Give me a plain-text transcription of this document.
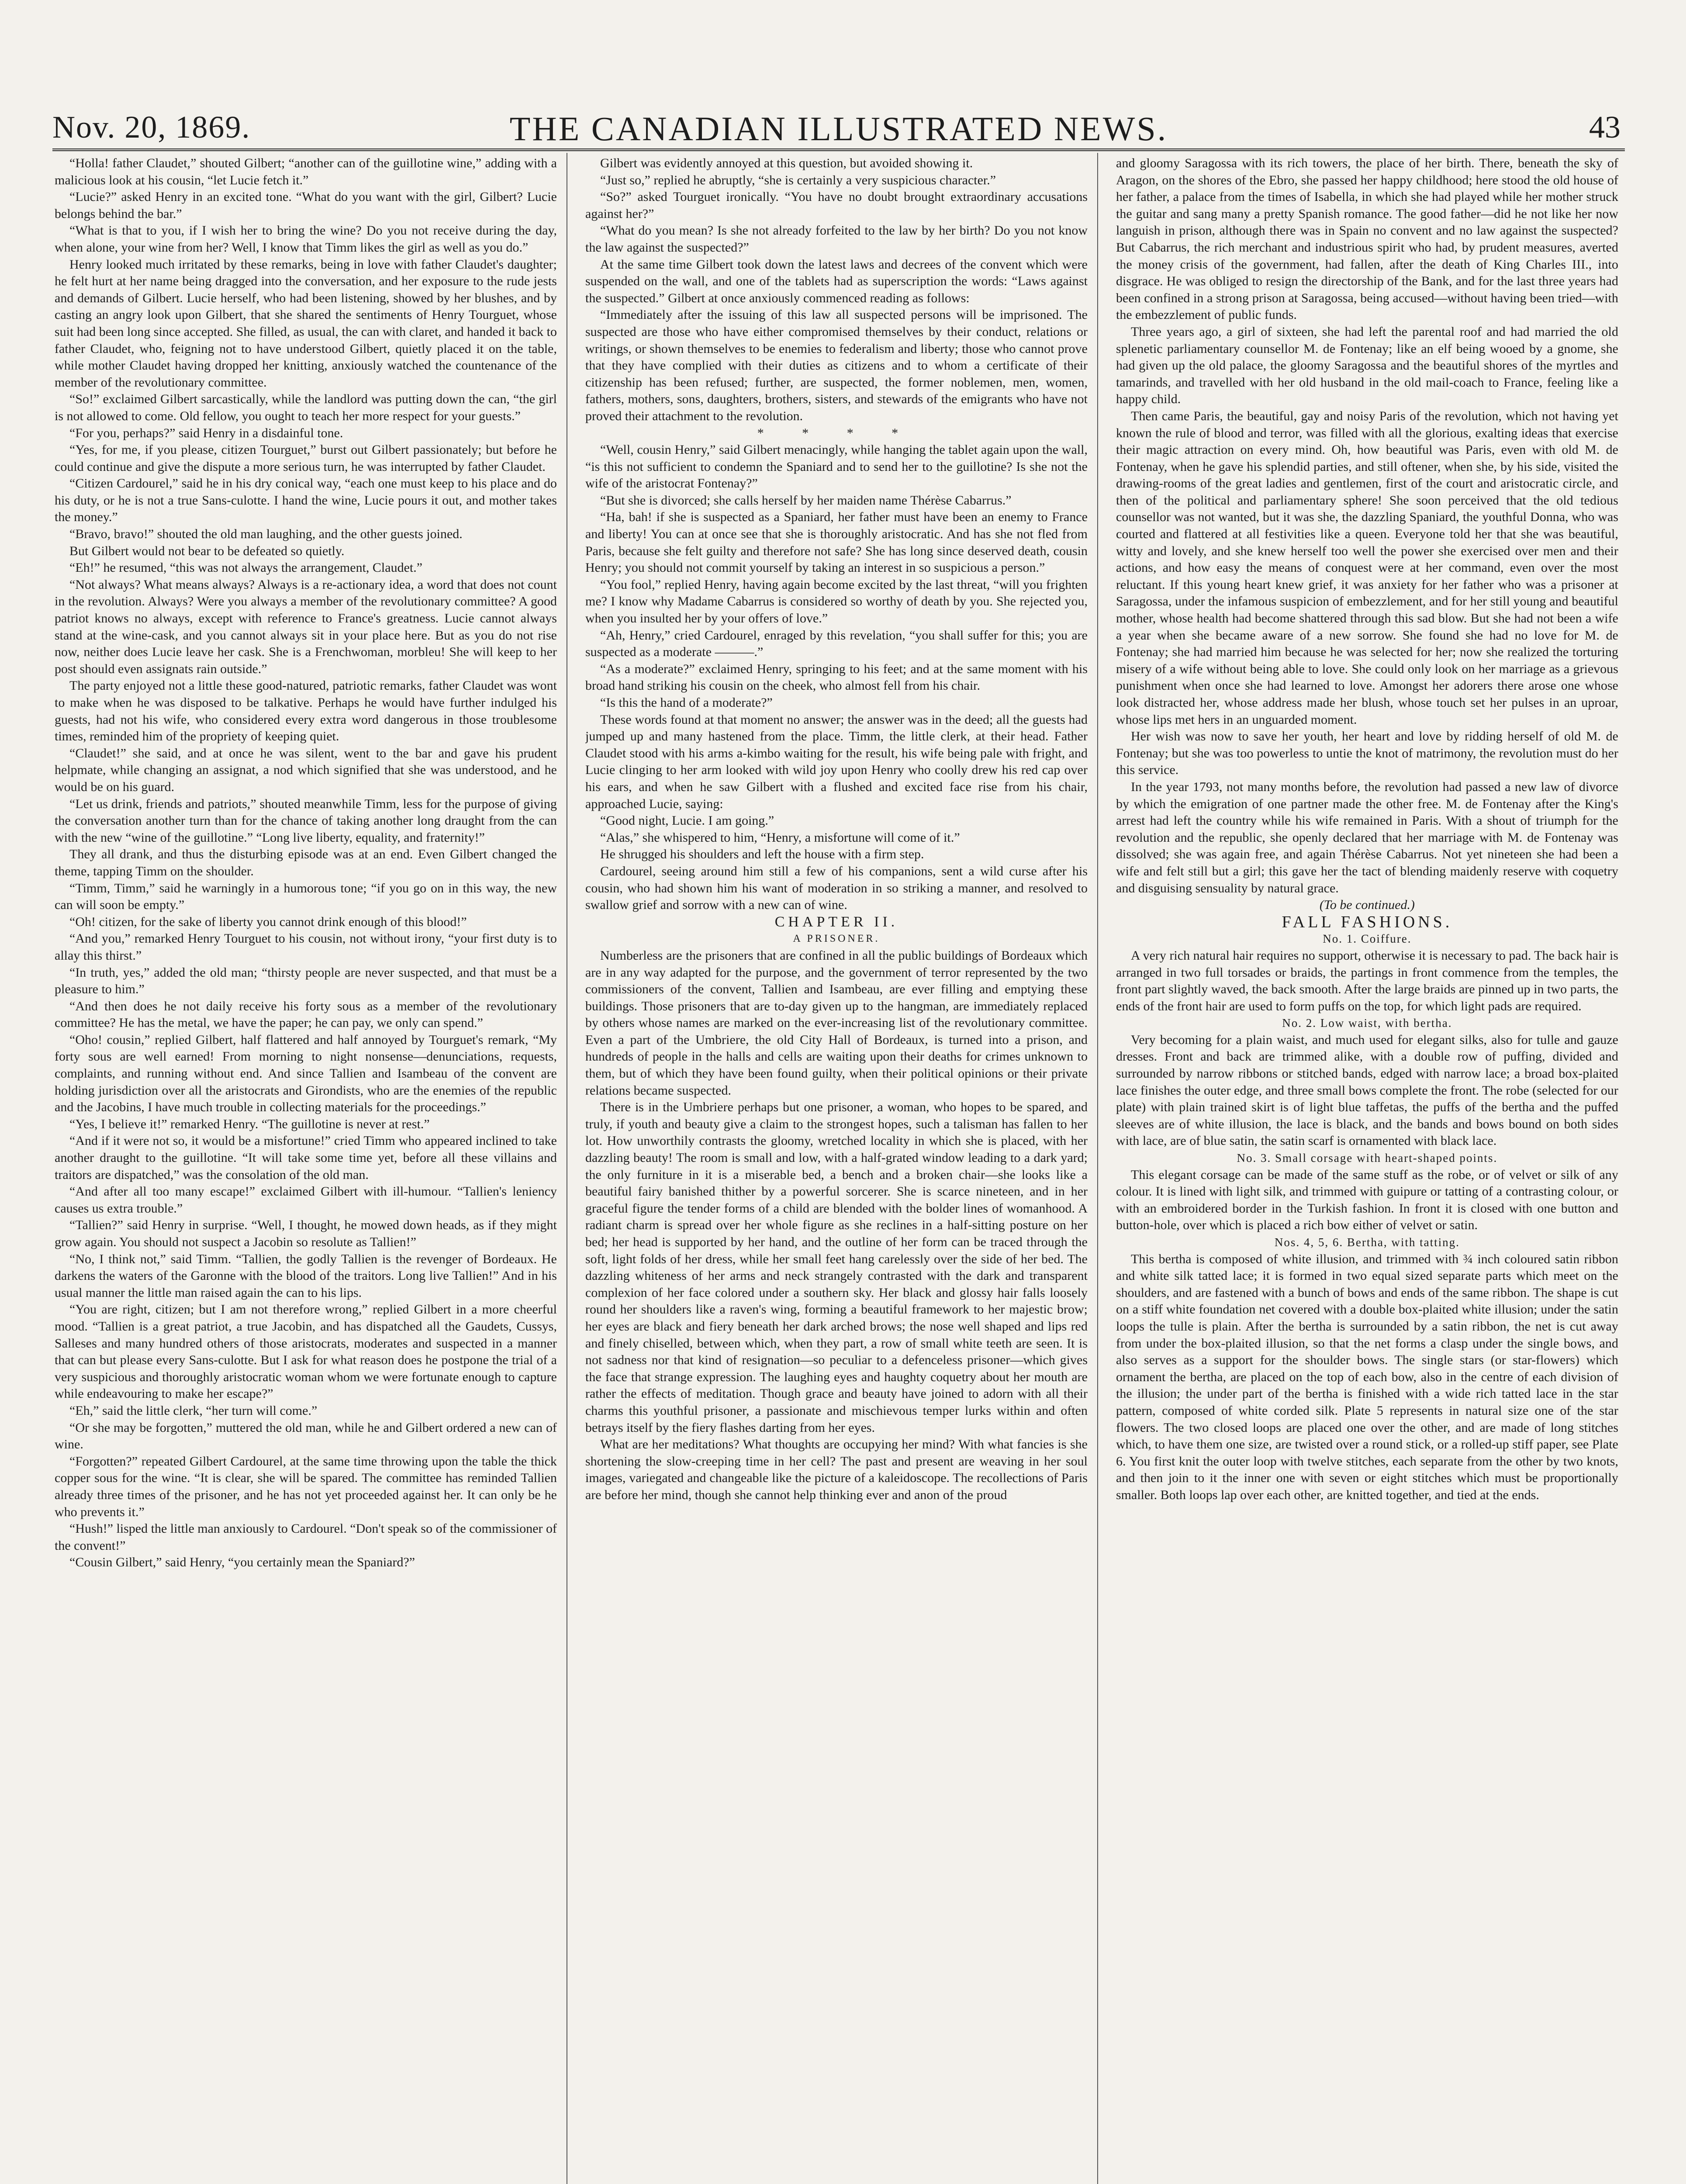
Nov. 20, 1869.	THE CANADIAN ILLUSTRATED NEWS.	43

“Holla! father Claudet,” shouted Gilbert; “another can of the guillotine wine,” adding with a malicious look at his cousin, “let Lucie fetch it.”

“Lucie?” asked Henry in an excited tone. “What do you want with the girl, Gilbert? Lucie belongs behind the bar.”

“What is that to you, if I wish her to bring the wine? Do you not receive during the day, when alone, your wine from her? Well, I know that Timm likes the girl as well as you do.”

Henry looked much irritated by these remarks, being in love with father Claudet's daughter; he felt hurt at her name being dragged into the conversation, and her exposure to the rude jests and demands of Gilbert. Lucie herself, who had been listening, showed by her blushes, and by casting an angry look upon Gilbert, that she shared the sentiments of Henry Tourguet, whose suit had been long since accepted. She filled, as usual, the can with claret, and handed it back to father Claudet, who, feigning not to have understood Gilbert, quietly placed it on the table, while mother Claudet having dropped her knitting, anxiously watched the countenance of the member of the revolutionary committee.

“So!” exclaimed Gilbert sarcastically, while the landlord was putting down the can, “the girl is not allowed to come. Old fellow, you ought to teach her more respect for your guests.”

“For you, perhaps?” said Henry in a disdainful tone.

“Yes, for me, if you please, citizen Tourguet,” burst out Gilbert passionately; but before he could continue and give the dispute a more serious turn, he was interrupted by father Claudet.

“Citizen Cardourel,” said he in his dry conical way, “each one must keep to his place and do his duty, or he is not a true Sans-culotte. I hand the wine, Lucie pours it out, and mother takes the money.”

“Bravo, bravo!” shouted the old man laughing, and the other guests joined.

But Gilbert would not bear to be defeated so quietly.

“Eh!” he resumed, “this was not always the arrangement, Claudet.”

“Not always? What means always? Always is a re-actionary idea, a word that does not count in the revolution. Always? Were you always a member of the revolutionary committee? A good patriot knows no always, except with reference to France's greatness. Lucie cannot always stand at the wine-cask, and you cannot always sit in your place here. But as you do not rise now, neither does Lucie leave her cask. She is a Frenchwoman, morbleu! She will keep to her post should even assignats rain outside.”

The party enjoyed not a little these good-natured, patriotic remarks, father Claudet was wont to make when he was disposed to be talkative. Perhaps he would have further indulged his guests, had not his wife, who considered every extra word dangerous in those troublesome times, reminded him of the propriety of keeping quiet.

“Claudet!” she said, and at once he was silent, went to the bar and gave his prudent helpmate, while changing an assignat, a nod which signified that she was understood, and he would be on his guard.

“Let us drink, friends and patriots,” shouted meanwhile Timm, less for the purpose of giving the conversation another turn than for the chance of taking another long draught from the can with the new “wine of the guillotine.” “Long live liberty, equality, and fraternity!”

They all drank, and thus the disturbing episode was at an end. Even Gilbert changed the theme, tapping Timm on the shoulder.

“Timm, Timm,” said he warningly in a humorous tone; “if you go on in this way, the new can will soon be empty.”

“Oh! citizen, for the sake of liberty you cannot drink enough of this blood!”

“And you,” remarked Henry Tourguet to his cousin, not without irony, “your first duty is to allay this thirst.”

“In truth, yes,” added the old man; “thirsty people are never suspected, and that must be a pleasure to him.”

“And then does he not daily receive his forty sous as a member of the revolutionary committee? He has the metal, we have the paper; he can pay, we only can spend.”

“Oho! cousin,” replied Gilbert, half flattered and half annoyed by Tourguet's remark, “My forty sous are well earned! From morning to night nonsense—denunciations, requests, complaints, and running without end. And since Tallien and Isambeau of the convent are holding jurisdiction over all the aristocrats and Girondists, who are the enemies of the republic and the Jacobins, I have much trouble in collecting materials for the proceedings.”

“Yes, I believe it!” remarked Henry. “The guillotine is never at rest.”

“And if it were not so, it would be a misfortune!” cried Timm who appeared inclined to take another draught to the guillotine. “It will take some time yet, before all these villains and traitors are dispatched,” was the consolation of the old man.

“And after all too many escape!” exclaimed Gilbert with ill-humour. “Tallien's leniency causes us extra trouble.”

“Tallien?” said Henry in surprise. “Well, I thought, he mowed down heads, as if they might grow again. You should not suspect a Jacobin so resolute as Tallien!”

“No, I think not,” said Timm. “Tallien, the godly Tallien is the revenger of Bordeaux. He darkens the waters of the Garonne with the blood of the traitors. Long live Tallien!” And in his usual manner the little man raised again the can to his lips.

“You are right, citizen; but I am not therefore wrong,” replied Gilbert in a more cheerful mood. “Tallien is a great patriot, a true Jacobin, and has dispatched all the Gaudets, Cussys, Salleses and many hundred others of those aristocrats, moderates and suspected in a manner that can but please every Sans-culotte. But I ask for what reason does he postpone the trial of a very suspicious and thoroughly aristocratic woman whom we were fortunate enough to capture while endeavouring to make her escape?”

“Eh,” said the little clerk, “her turn will come.”

“Or she may be forgotten,” muttered the old man, while he and Gilbert ordered a new can of wine.

“Forgotten?” repeated Gilbert Cardourel, at the same time throwing upon the table the thick copper sous for the wine. “It is clear, she will be spared. The committee has reminded Tallien already three times of the prisoner, and he has not yet proceeded against her. It can only be he who prevents it.”

“Hush!” lisped the little man anxiously to Cardourel. “Don't speak so of the commissioner of the convent!”

“Cousin Gilbert,” said Henry, “you certainly mean the Spaniard?”

Gilbert was evidently annoyed at this question, but avoided showing it.

“Just so,” replied he abruptly, “she is certainly a very suspicious character.”

“So?” asked Tourguet ironically. “You have no doubt brought extraordinary accusations against her?”

“What do you mean? Is she not already forfeited to the law by her birth? Do you not know the law against the suspected?”

At the same time Gilbert took down the latest laws and decrees of the convent which were suspended on the wall, and one of the tablets had as superscription the words: “Laws against the suspected.” Gilbert at once anxiously commenced reading as follows:

“Immediately after the issuing of this law all suspected persons will be imprisoned. The suspected are those who have either compromised themselves by their conduct, relations or writings, or shown themselves to be enemies to federalism and liberty; those who cannot prove that they have complied with their duties as citizens and to whom a certificate of their citizenship has been refused; further, are suspected, the former noblemen, men, women, fathers, mothers, sons, daughters, brothers, sisters, and stewards of the emigrants who have not proved their attachment to the revolution.

* * * *

“Well, cousin Henry,” said Gilbert menacingly, while hanging the tablet again upon the wall, “is this not sufficient to condemn the Spaniard and to send her to the guillotine? Is she not the wife of the aristocrat Fontenay?”

“But she is divorced; she calls herself by her maiden name Thérèse Cabarrus.”

“Ha, bah! if she is suspected as a Spaniard, her father must have been an enemy to France and liberty! You can at once see that she is thoroughly aristocratic. And has she not fled from Paris, because she felt guilty and therefore not safe? She has long since deserved death, cousin Henry; you should not commit yourself by taking an interest in so suspicious a person.”

“You fool,” replied Henry, having again become excited by the last threat, “will you frighten me? I know why Madame Cabarrus is considered so worthy of death by you. She rejected you, when you insulted her by your offers of love.”

“Ah, Henry,” cried Cardourel, enraged by this revelation, “you shall suffer for this; you are suspected as a moderate ———.”

“As a moderate?” exclaimed Henry, springing to his feet; and at the same moment with his broad hand striking his cousin on the cheek, who almost fell from his chair.

“Is this the hand of a moderate?”

These words found at that moment no answer; the answer was in the deed; all the guests had jumped up and many hastened from the place. Timm, the little clerk, at their head. Father Claudet stood with his arms a-kimbo waiting for the result, his wife being pale with fright, and Lucie clinging to her arm looked with wild joy upon Henry who coolly drew his red cap over his ears, and when he saw Gilbert with a flushed and excited face rise from his chair, approached Lucie, saying:

“Good night, Lucie. I am going.”

“Alas,” she whispered to him, “Henry, a misfortune will come of it.”

He shrugged his shoulders and left the house with a firm step.

Cardourel, seeing around him still a few of his companions, sent a wild curse after his cousin, who had shown him his want of moderation in so striking a manner, and resolved to swallow grief and sorrow with a new can of wine.

CHAPTER II.

A PRISONER.

Numberless are the prisoners that are confined in all the public buildings of Bordeaux which are in any way adapted for the purpose, and the government of terror represented by the two commissioners of the convent, Tallien and Isambeau, are ever filling and emptying these buildings. Those prisoners that are to-day given up to the hangman, are immediately replaced by others whose names are marked on the ever-increasing list of the revolutionary committee. Even a part of the Umbriere, the old City Hall of Bordeaux, is turned into a prison, and hundreds of people in the halls and cells are waiting upon their deaths for crimes unknown to them, but of which they have been found guilty, when their political opinions or their private relations became suspected.

There is in the Umbriere perhaps but one prisoner, a woman, who hopes to be spared, and truly, if youth and beauty give a claim to the strongest hopes, such a talisman has fallen to her lot. How unworthily contrasts the gloomy, wretched locality in which she is placed, with her dazzling beauty! The room is small and low, with a half-grated window leading to a dark yard; the only furniture in it is a miserable bed, a bench and a broken chair—she looks like a beautiful fairy banished thither by a powerful sorcerer. She is scarce nineteen, and in her graceful figure the tender forms of a child are blended with the bolder lines of womanhood. A radiant charm is spread over her whole figure as she reclines in a half-sitting posture on her bed; her head is supported by her hand, and the outline of her form can be traced through the soft, light folds of her dress, while her small feet hang carelessly over the side of her bed. The dazzling whiteness of her arms and neck strangely contrasted with the dark and transparent complexion of her face colored under a southern sky. Her black and glossy hair falls loosely round her shoulders like a raven's wing, forming a beautiful framework to her majestic brow; her eyes are black and fiery beneath her dark arched brows; the nose well shaped and lips red and finely chiselled, between which, when they part, a row of small white teeth are seen. It is not sadness nor that kind of resignation—so peculiar to a defenceless prisoner—which gives the face that strange expression. The laughing eyes and haughty coquetry about her mouth are rather the effects of meditation. Though grace and beauty have joined to adorn with all their charms this youthful prisoner, a passionate and mischievous temper lurks within and often betrays itself by the fiery flashes darting from her eyes.

What are her meditations? What thoughts are occupying her mind? With what fancies is she shortening the slow-creeping time in her cell? The past and present are weaving in her soul images, variegated and changeable like the picture of a kaleidoscope. The recollections of Paris are before her mind, though she cannot help thinking ever and anon of the proud

and gloomy Saragossa with its rich towers, the place of her birth. There, beneath the sky of Aragon, on the shores of the Ebro, she passed her happy childhood; here stood the old house of her father, a palace from the times of Isabella, in which she had played while her mother struck the guitar and sang many a pretty Spanish romance. The good father—did he not like her now languish in prison, although there was in Spain no convent and no law against the suspected? But Cabarrus, the rich merchant and industrious spirit who had, by prudent measures, averted the money crisis of the government, had fallen, after the death of King Charles III., into disgrace. He was obliged to resign the directorship of the Bank, and for the last three years had been confined in a strong prison at Saragossa, being accused—without having been tried—with the embezzlement of public funds.

Three years ago, a girl of sixteen, she had left the parental roof and had married the old splenetic parliamentary counsellor M. de Fontenay; like an elf being wooed by a gnome, she had given up the old palace, the gloomy Saragossa and the beautiful shores of the myrtles and tamarinds, and travelled with her old husband in the old mail-coach to France, feeling like a happy child.

Then came Paris, the beautiful, gay and noisy Paris of the revolution, which not having yet known the rule of blood and terror, was filled with all the glorious, exalting ideas that exercise their magic attraction on every mind. Oh, how beautiful was Paris, even with old M. de Fontenay, when he gave his splendid parties, and still oftener, when she, by his side, visited the drawing-rooms of the great ladies and gentlemen, first of the court and aristocratic circle, and then of the political and parliamentary sphere! She soon perceived that the old tedious counsellor was not wanted, but it was she, the dazzling Spaniard, the youthful Donna, who was courted and flattered at all festivities like a queen. Everyone told her that she was beautiful, witty and lovely, and she knew herself too well the power she exercised over men and their actions, and how easy the means of conquest were at her command, even over the most reluctant. If this young heart knew grief, it was anxiety for her father who was a prisoner at Saragossa, under the infamous suspicion of embezzlement, and for her still young and beautiful mother, whose health had become shattered through this sad blow. But she had not been a wife a year when she became aware of a new sorrow. She found she had no love for M. de Fontenay; she had married him because he was selected for her; now she realized the torturing misery of a wife without being able to love. She could only look on her marriage as a grievous punishment when once she had learned to love. Amongst her adorers there arose one whose look distracted her, whose address made her blush, whose touch set her pulses in an uproar, whose lips met hers in an unguarded moment.

Her wish was now to save her youth, her heart and love by ridding herself of old M. de Fontenay; but she was too powerless to untie the knot of matrimony, the revolution must do her this service.

In the year 1793, not many months before, the revolution had passed a new law of divorce by which the emigration of one partner made the other free. M. de Fontenay after the King's arrest had left the country while his wife remained in Paris. With a shout of triumph for the revolution and the republic, she openly declared that her marriage with M. de Fontenay was dissolved; she was again free, and again Thérèse Cabarrus. Not yet nineteen she had been a wife and felt still but a girl; this gave her the tact of blending maidenly reserve with coquetry and disguising sensuality by natural grace.

(To be continued.)

FALL FASHIONS.

No. 1. Coiffure.

A very rich natural hair requires no support, otherwise it is necessary to pad. The back hair is arranged in two full torsades or braids, the partings in front commence from the temples, the front part slightly waved, the back smooth. After the large braids are pinned up in two parts, the ends of the front hair are used to form puffs on the top, for which light pads are required.

No. 2. Low waist, with bertha.

Very becoming for a plain waist, and much used for elegant silks, also for tulle and gauze dresses. Front and back are trimmed alike, with a double row of puffing, divided and surrounded by narrow ribbons or stitched bands, edged with narrow lace; a broad box-plaited lace finishes the outer edge, and three small bows complete the front. The robe (selected for our plate) with plain trained skirt is of light blue taffetas, the puffs of the bertha and the puffed sleeves are of white illusion, the lace is black, and the bands and bows bound on both sides with lace, are of blue satin, the satin scarf is ornamented with black lace.

No. 3. Small corsage with heart-shaped points.

This elegant corsage can be made of the same stuff as the robe, or of velvet or silk of any colour. It is lined with light silk, and trimmed with guipure or tatting of a contrasting colour, or with an embroidered border in the Turkish fashion. In front it is closed with one button and button-hole, over which is placed a rich bow either of velvet or satin.

Nos. 4, 5, 6. Bertha, with tatting.

This bertha is composed of white illusion, and trimmed with ¾ inch coloured satin ribbon and white silk tatted lace; it is formed in two equal sized separate parts which meet on the shoulders, and are fastened with a bunch of bows and ends of the same ribbon. The shape is cut on a stiff white foundation net covered with a double box-plaited white illusion; under the satin loops the tulle is plain. After the bertha is surrounded by a satin ribbon, the net is cut away from under the box-plaited illusion, so that the net forms a clasp under the single bows, and also serves as a support for the shoulder bows. The single stars (or star-flowers) which ornament the bertha, are placed on the top of each bow, also in the centre of each division of the illusion; the under part of the bertha is finished with a wide rich tatted lace in the star pattern, composed of white corded silk. Plate 5 represents in natural size one of the star flowers. The two closed loops are placed one over the other, and are made of long stitches which, to have them one size, are twisted over a round stick, or a rolled-up stiff paper, see Plate 6. You first knit the outer loop with twelve stitches, each separate from the other by two knots, and then join to it the inner one with seven or eight stitches which must be proportionally smaller. Both loops lap over each other, are knitted together, and tied at the ends.
